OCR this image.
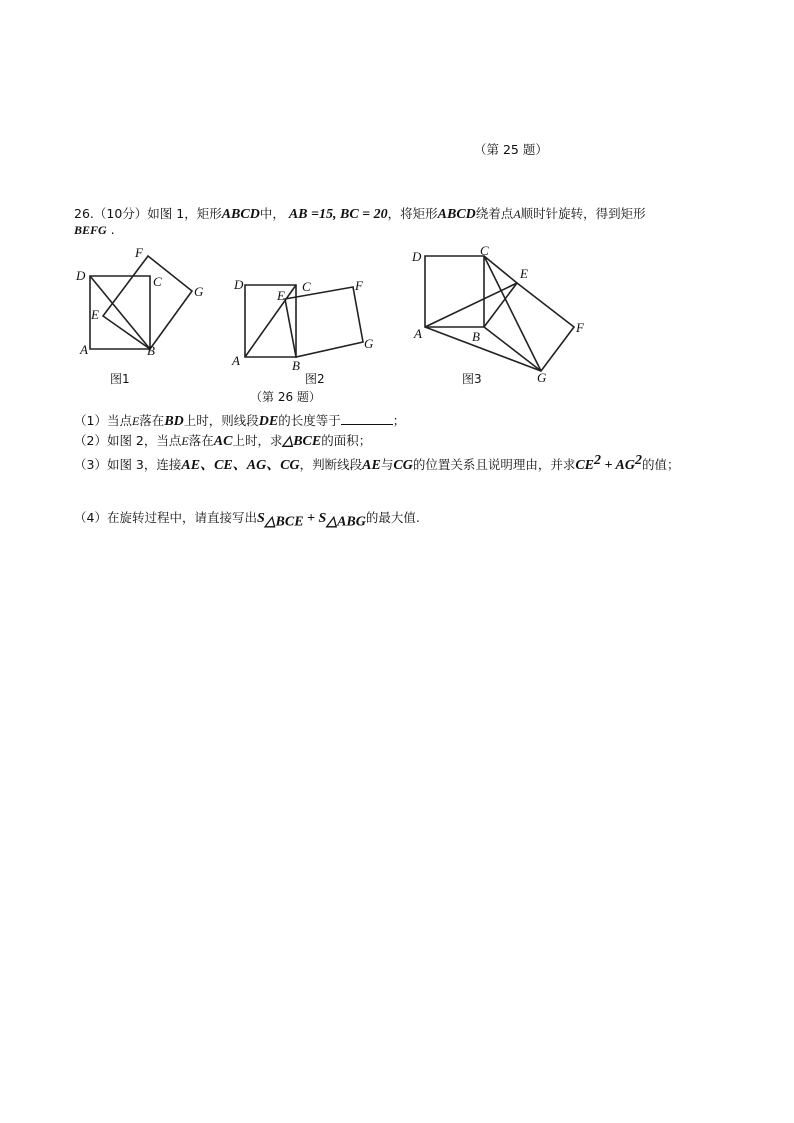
（第 25 题）
26.（10分）如图 1，矩形ABCD中， AB =15, BC = 20，将矩形ABCD绕着点A顺时针旋转，得到矩形
BEFG .
D	C
F
G
E
A	B
图1
D	C
E
F
G
A	B
图2
（第 26 题）
D	C
E
F
G
A	B
图3
（1）当点E落在BD上时，则线段DE的长度等于	；
（2）如图 2，当点E落在AC上时，求△BCE的面积；
（3）如图 3，连接AE、CE、AG、CG，判断线段AE与CG的位置关系且说明理由，并求$CE^2 + AG^2$的值；
（4）在旋转过程中，请直接写出$S_{\triangle BCE} + S_{\triangle ABG}$的最大值.
